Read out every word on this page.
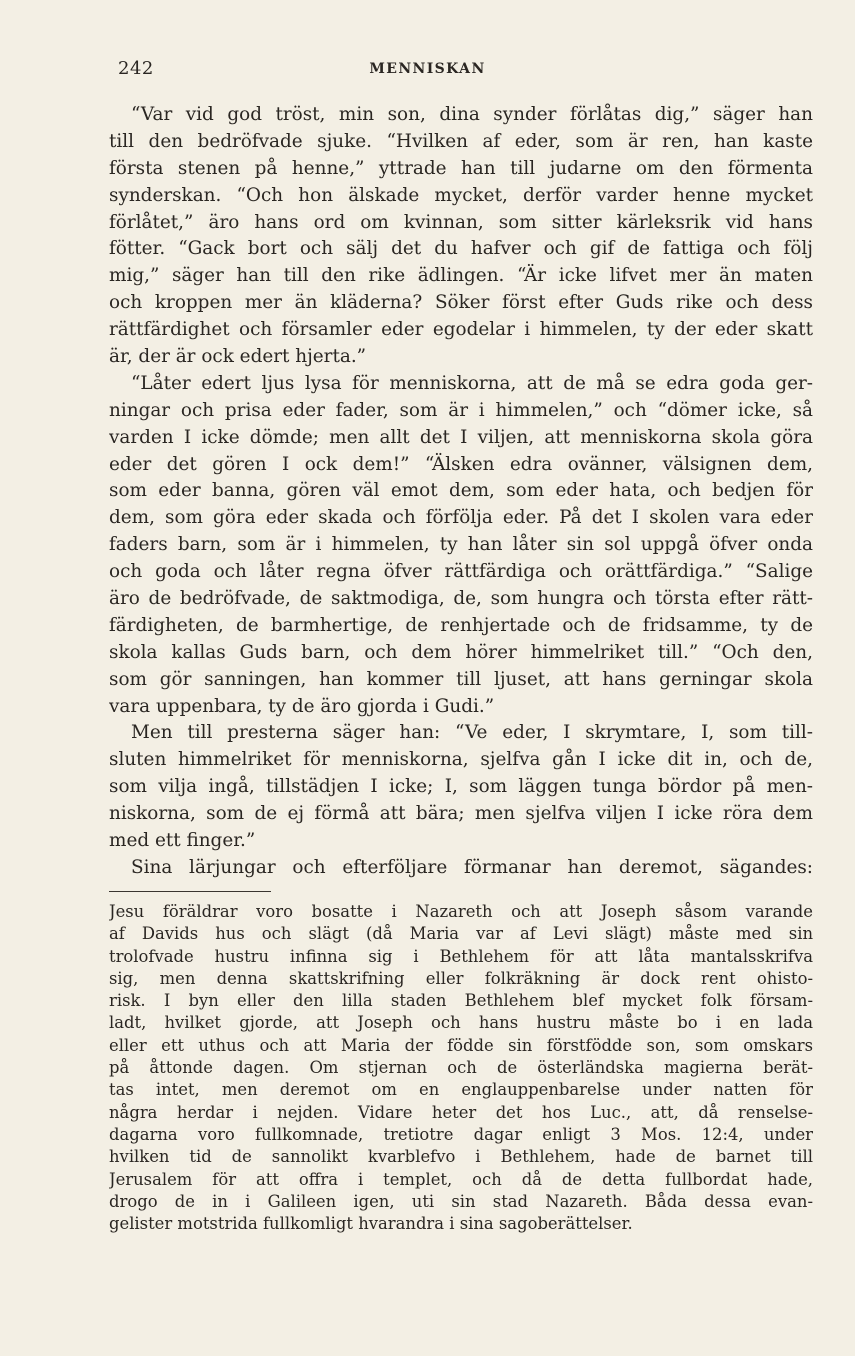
242	MENNISKAN
“Var vid god tröst, min son, dina synder förlåtas dig,” säger han
till den bedröfvade sjuke. “Hvilken af eder, som är ren, han kaste
första stenen på henne,” yttrade han till judarne om den förmenta
synderskan. “Och hon älskade mycket, derför varder henne mycket
förlåtet,” äro hans ord om kvinnan, som sitter kärleksrik vid hans
fötter. “Gack bort och sälj det du hafver och gif de fattiga och följ
mig,” säger han till den rike ädlingen. “Är icke lifvet mer än maten
och kroppen mer än kläderna? Söker först efter Guds rike och dess
rättfärdighet och församler eder egodelar i himmelen, ty der eder skatt
är, der är ock edert hjerta.”
“Låter edert ljus lysa för menniskorna, att de må se edra goda ger-
ningar och prisa eder fader, som är i himmelen,” och “dömer icke, så
varden I icke dömde; men allt det I viljen, att menniskorna skola göra
eder det gören I ock dem!” “Älsken edra ovänner, välsignen dem,
som eder banna, gören väl emot dem, som eder hata, och bedjen för
dem, som göra eder skada och förfölja eder. På det I skolen vara eder
faders barn, som är i himmelen, ty han låter sin sol uppgå öfver onda
och goda och låter regna öfver rättfärdiga och orättfärdiga.” “Salige
äro de bedröfvade, de saktmodiga, de, som hungra och törsta efter rätt-
färdigheten, de barmhertige, de renhjertade och de fridsamme, ty de
skola kallas Guds barn, och dem hörer himmelriket till.” “Och den,
som gör sanningen, han kommer till ljuset, att hans gerningar skola
vara uppenbara, ty de äro gjorda i Gudi.”
Men till presterna säger han: “Ve eder, I skrymtare, I, som till-
sluten himmelriket för menniskorna, sjelfva gån I icke dit in, och de,
som vilja ingå, tillstädjen I icke; I, som läggen tunga bördor på men-
niskorna, som de ej förmå att bära; men sjelfva viljen I icke röra dem
med ett finger.”
Sina lärjungar och efterföljare förmanar han deremot, sägandes:
Jesu föräldrar voro bosatte i Nazareth och att Joseph såsom varande
af Davids hus och slägt (då Maria var af Levi slägt) måste med sin
trolofvade hustru infinna sig i Bethlehem för att låta mantalsskrifva
sig, men denna skattskrifning eller folkräkning är dock rent ohisto-
risk. I byn eller den lilla staden Bethlehem blef mycket folk försam-
ladt, hvilket gjorde, att Joseph och hans hustru måste bo i en lada
eller ett uthus och att Maria der födde sin förstfödde son, som omskars
på åttonde dagen. Om stjernan och de österländska magierna berät-
tas intet, men deremot om en englauppenbarelse under natten för
några herdar i nejden. Vidare heter det hos Luc., att, då renselse-
dagarna voro fullkomnade, tretiotre dagar enligt 3 Mos. 12:4, under
hvilken tid de sannolikt kvarblefvo i Bethlehem, hade de barnet till
Jerusalem för att offra i templet, och då de detta fullbordat hade,
drogo de in i Galileen igen, uti sin stad Nazareth. Båda dessa evan-
gelister motstrida fullkomligt hvarandra i sina sagoberättelser.
